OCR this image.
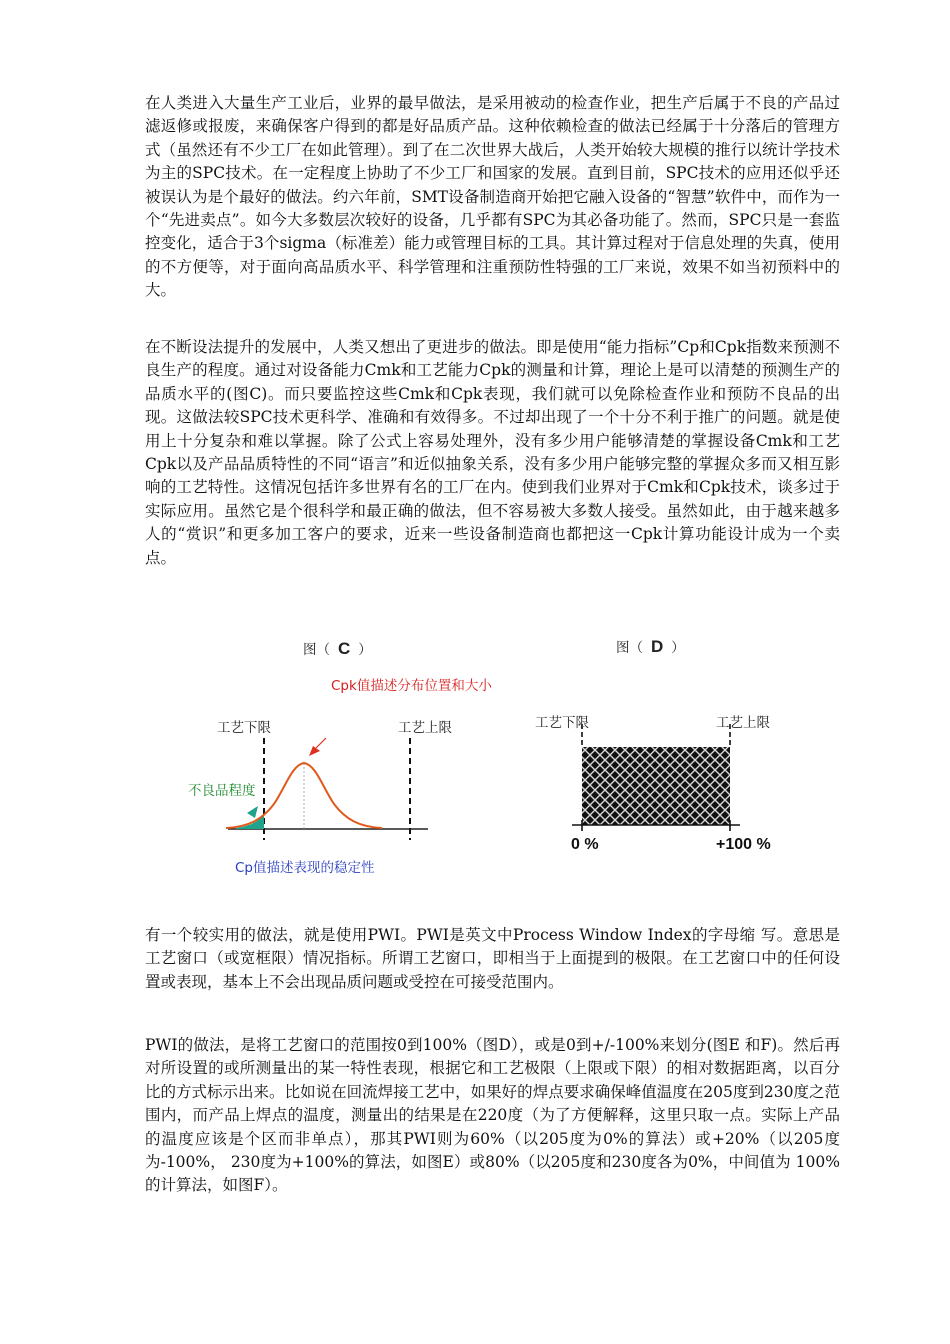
在人类进入大量生产工业后，业界的最早做法，是采用被动的检查作业，把生产后属于不良的产品过滤返修或报废，来确保客户得到的都是好品质产品。这种依赖检查的做法已经属于十分落后的管理方式（虽然还有不少工厂在如此管理）。到了在二次世界大战后，人类开始较大规模的推行以统计学技术为主的SPC技术。在一定程度上协助了不少工厂和国家的发展。直到目前，SPC技术的应用还似乎还被误认为是个最好的做法。约六年前，SMT设备制造商开始把它融入设备的“智慧”软件中，而作为一个“先进卖点”。如今大多数层次较好的设备，几乎都有SPC为其必备功能了。然而，SPC只是一套监控变化，适合于3个sigma（标准差）能力或管理目标的工具。其计算过程对于信息处理的失真，使用的不方便等，对于面向高品质水平、科学管理和注重预防性特强的工厂来说，效果不如当初预料中的大。

在不断设法提升的发展中，人类又想出了更进步的做法。即是使用“能力指标”Cp和Cpk指数来预测不良生产的程度。通过对设备能力Cmk和工艺能力Cpk的测量和计算，理论上是可以清楚的预测生产的品质水平的(图C)。而只要监控这些Cmk和Cpk表现，我们就可以免除检查作业和预防不良品的出现。这做法较SPC技术更科学、准确和有效得多。不过却出现了一个十分不利于推广的问题。就是使用上十分复杂和难以掌握。除了公式上容易处理外，没有多少用户能够清楚的掌握设备Cmk和工艺Cpk以及产品品质特性的不同“语言”和近似抽象关系，没有多少用户能够完整的掌握众多而又相互影响的工艺特性。这情况包括许多世界有名的工厂在内。使到我们业界对于Cmk和Cpk技术，谈多过于实际应用。虽然它是个很科学和最正确的做法，但不容易被大多数人接受。虽然如此，由于越来越多人的“赏识”和更多加工客户的要求，近来一些设备制造商也都把这一Cpk计算功能设计成为一个卖点。

图（ C ）
Cpk值描述分布位置和大小
工艺下限	工艺上限
不良品程度
Cp值描述表现的稳定性
图（ D ）
工艺下限	工艺上限
0 %	+100 %

有一个较实用的做法，就是使用PWI。PWI是英文中Process Window Index的字母缩 写。意思是工艺窗口（或宽框限）情况指标。所谓工艺窗口，即相当于上面提到的极限。在工艺窗口中的任何设置或表现，基本上不会出现品质问题或受控在可接受范围内。

PWI的做法，是将工艺窗口的范围按0到100%（图D），或是0到+/-100%来划分(图E 和F)。然后再对所设置的或所测量出的某一特性表现，根据它和工艺极限（上限或下限）的相对数据距离，以百分比的方式标示出来。比如说在回流焊接工艺中，如果好的焊点要求确保峰值温度在205度到230度之范围内，而产品上焊点的温度，测量出的结果是在220度（为了方便解释，这里只取一点。实际上产品的温度应该是个区而非单点），那其PWI则为60%（以205度为0%的算法）或+20%（以205度为-100%， 230度为+100%的算法，如图E）或80%（以205度和230度各为0%，中间值为 100%的计算法，如图F）。
